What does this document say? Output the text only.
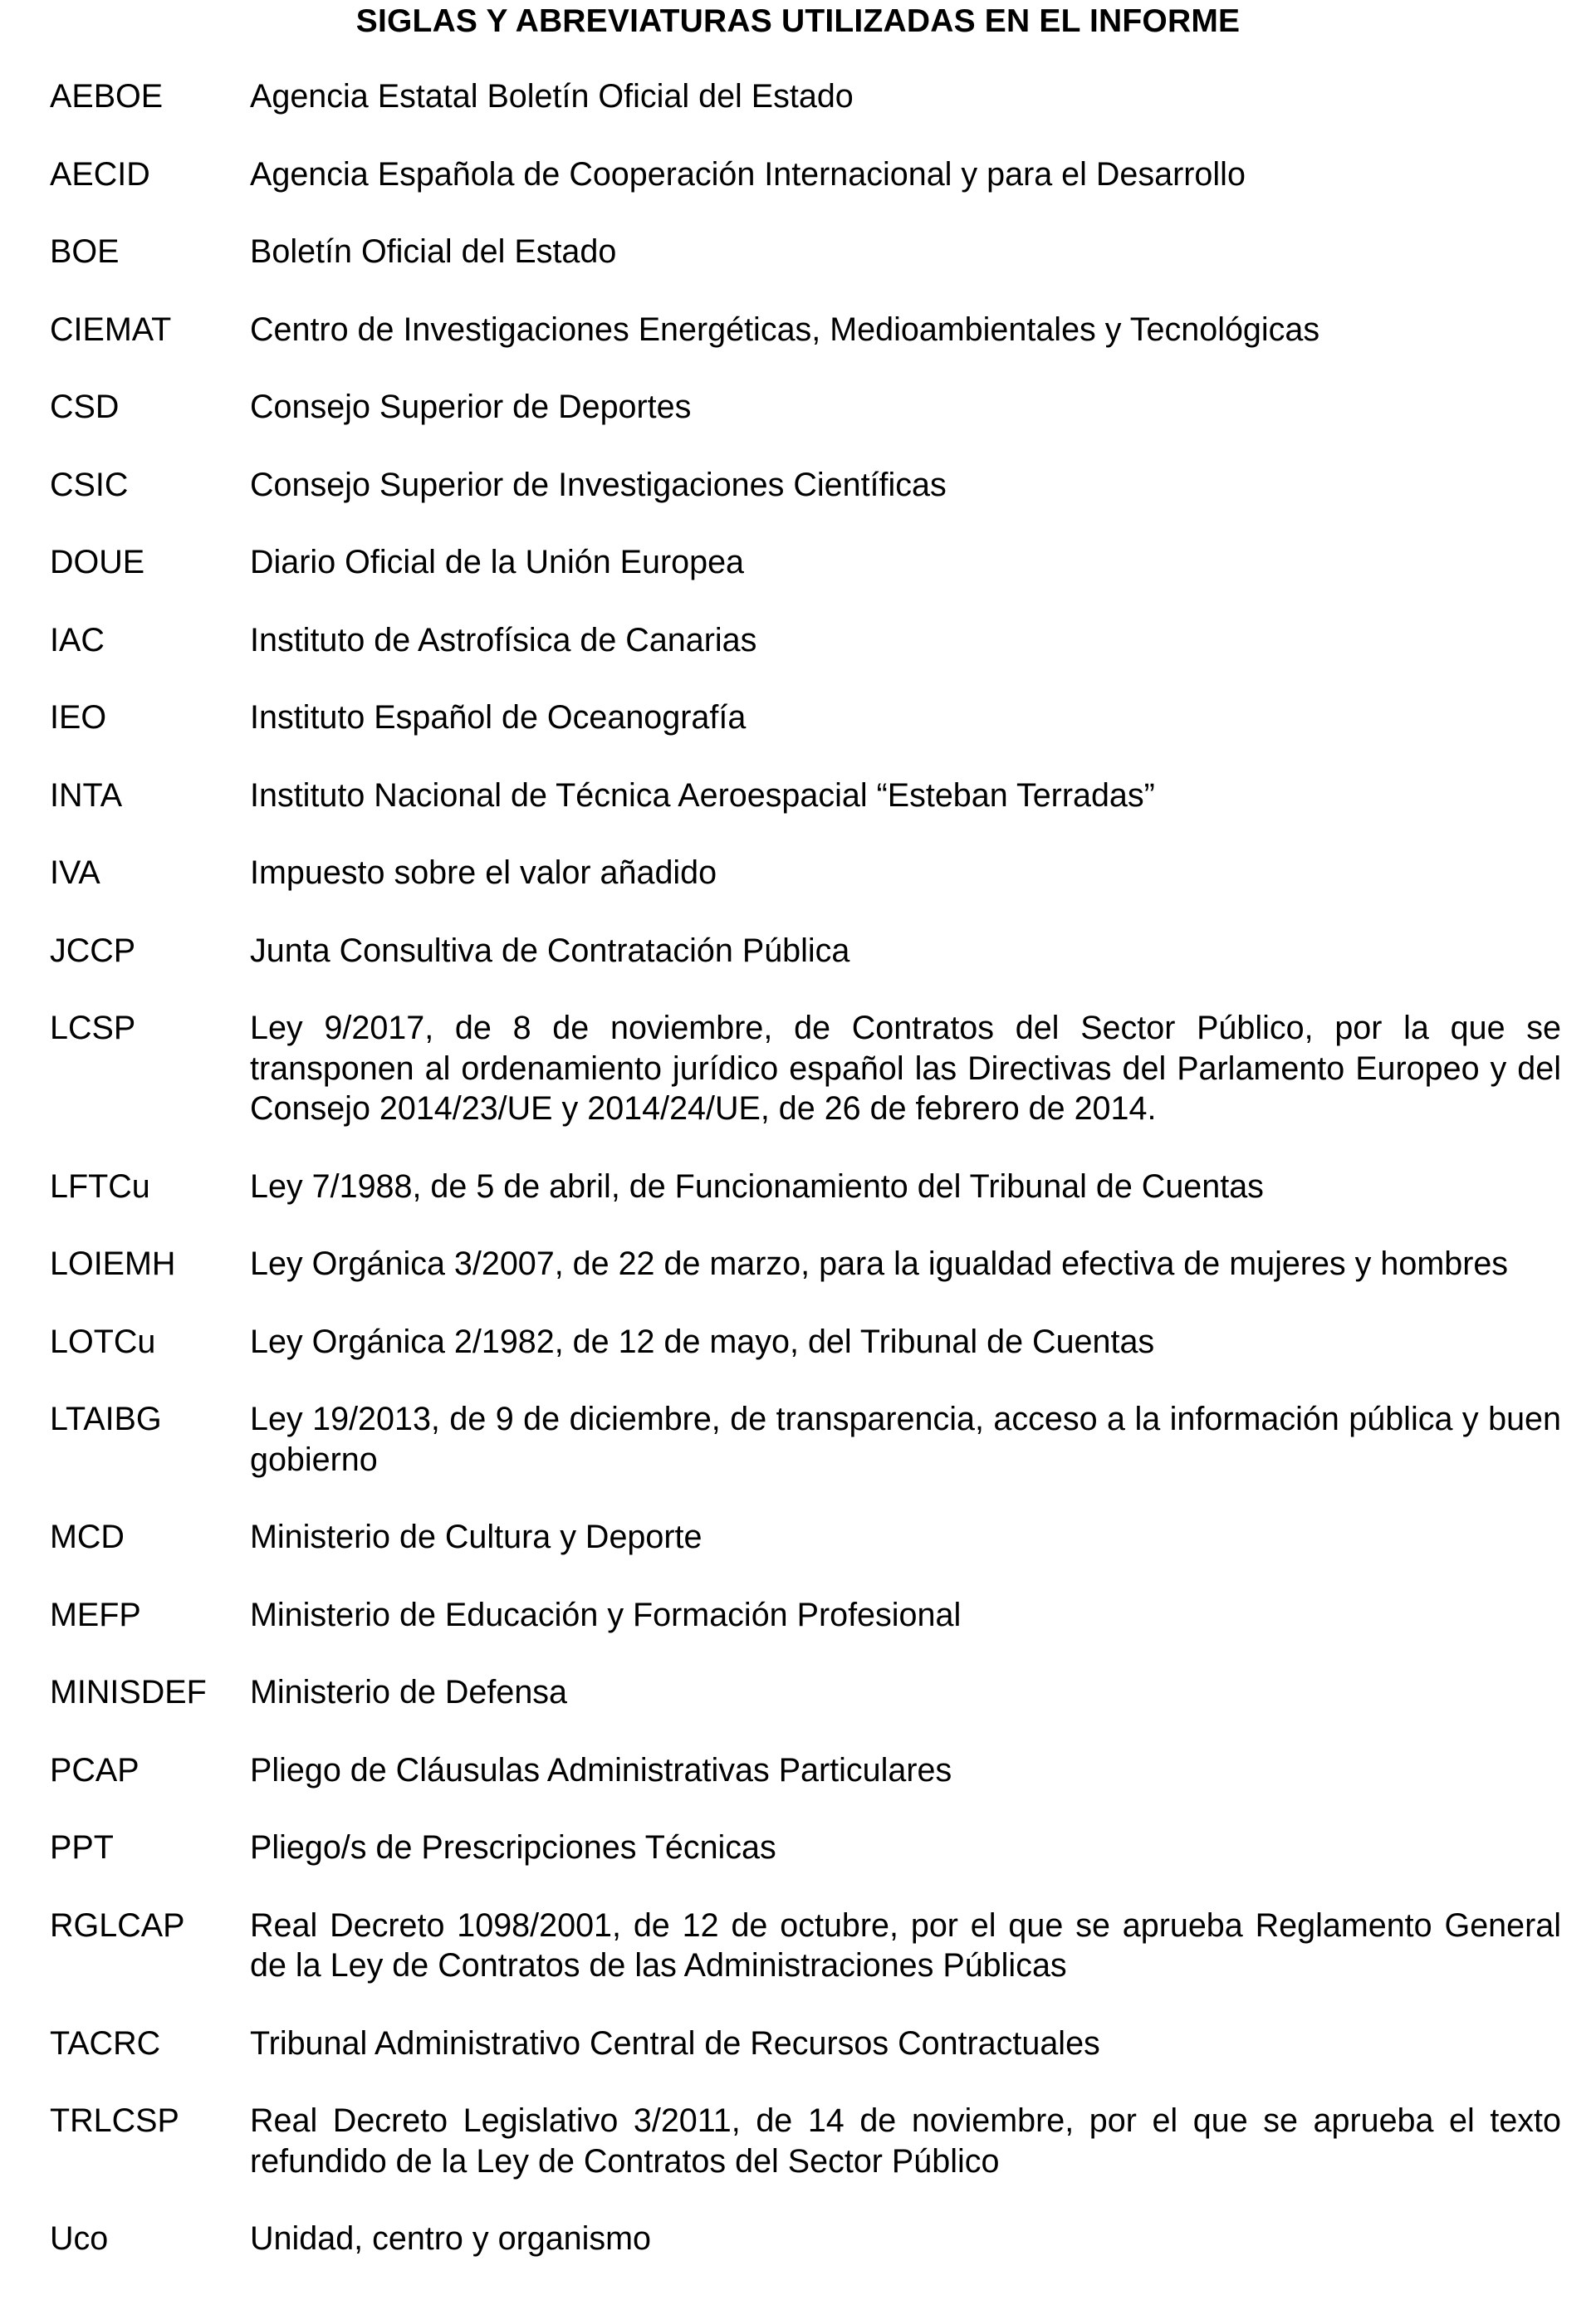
SIGLAS Y ABREVIATURAS UTILIZADAS EN EL INFORME
AEBOE	Agencia Estatal Boletín Oficial del Estado
AECID	Agencia Española de Cooperación Internacional y para el Desarrollo
BOE	Boletín Oficial del Estado
CIEMAT	Centro de Investigaciones Energéticas, Medioambientales y Tecnológicas
CSD	Consejo Superior de Deportes
CSIC	Consejo Superior de Investigaciones Científicas
DOUE	Diario Oficial de la Unión Europea
IAC	Instituto de Astrofísica de Canarias
IEO	Instituto Español de Oceanografía
INTA	Instituto Nacional de Técnica Aeroespacial “Esteban Terradas”
IVA	Impuesto sobre el valor añadido
JCCP	Junta Consultiva de Contratación Pública
LCSP	Ley 9/2017, de 8 de noviembre, de Contratos del Sector Público, por la que se transponen al ordenamiento jurídico español las Directivas del Parlamento Europeo y del Consejo 2014/23/UE y 2014/24/UE, de 26 de febrero de 2014.
LFTCu	Ley 7/1988, de 5 de abril, de Funcionamiento del Tribunal de Cuentas
LOIEMH	Ley Orgánica 3/2007, de 22 de marzo, para la igualdad efectiva de mujeres y hombres
LOTCu	Ley Orgánica 2/1982, de 12 de mayo, del Tribunal de Cuentas
LTAIBG	Ley 19/2013, de 9 de diciembre, de transparencia, acceso a la información pública y buen gobierno
MCD	Ministerio de Cultura y Deporte
MEFP	Ministerio de Educación y Formación Profesional
MINISDEF	Ministerio de Defensa
PCAP	Pliego de Cláusulas Administrativas Particulares
PPT	Pliego/s de Prescripciones Técnicas
RGLCAP	Real Decreto 1098/2001, de 12 de octubre, por el que se aprueba Reglamento General de la Ley de Contratos de las Administraciones Públicas
TACRC	Tribunal Administrativo Central de Recursos Contractuales
TRLCSP	Real Decreto Legislativo 3/2011, de 14 de noviembre, por el que se aprueba el texto refundido de la Ley de Contratos del Sector Público
Uco	Unidad, centro y organismo
